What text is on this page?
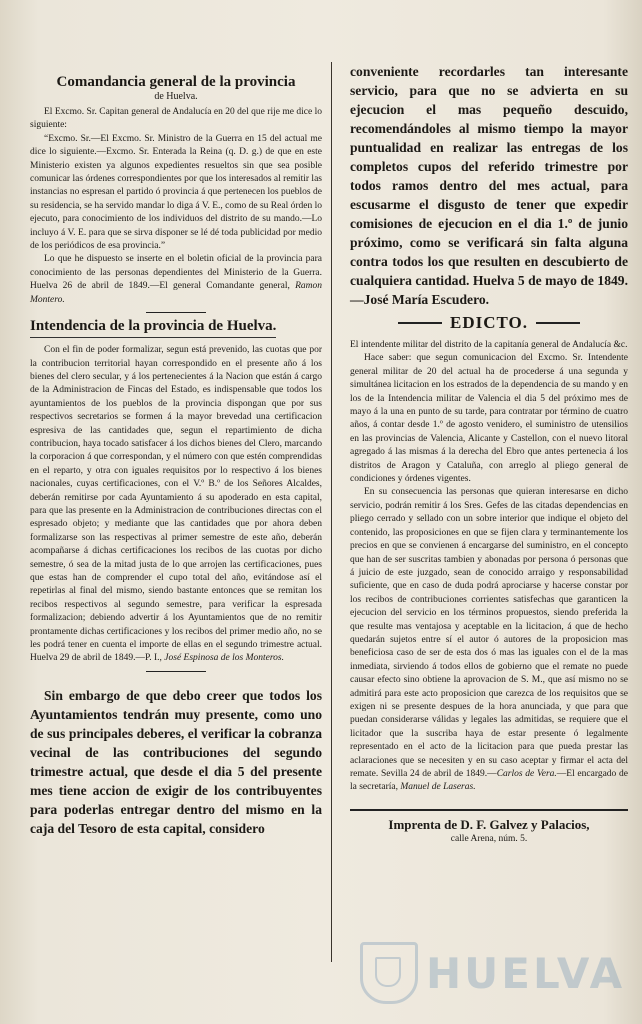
Comandancia general de la provincia
de Huelva.

El Excmo. Sr. Capitan general de Andalucía en 20 del que rije me dice lo siguiente:

“Excmo. Sr.—El Excmo. Sr. Ministro de la Guerra en 15 del actual me dice lo siguiente.—Excmo. Sr. Enterada la Reina (q. D. g.) de que en este Ministerio existen ya algunos expedientes resueltos sin que sea posible comunicar las órdenes correspondientes por que los interesados al remitir las instancias no espresan el partido ó provincia á que pertenecen los pueblos de su residencia, se ha servido mandar lo diga á V. E., como de su Real órden lo ejecuto, para conocimiento de los individuos del distrito de su mando.—Lo incluyo á V. E. para que se sirva disponer se lé dé toda publicidad por medio de los periódicos de esa provincia.”

Lo que he dispuesto se inserte en el boletin oficial de la provincia para conocimiento de las personas dependientes del Ministerio de la Guerra. Huelva 26 de abril de 1849.—El general Comandante general, Ramon Montero.

Intendencia de la provincia de Huelva.

Con el fin de poder formalizar, segun está prevenido, las cuotas que por la contribucion territorial hayan correspondido en el presente año á los bienes del clero secular, y á los pertenecientes á la Nacion que están á cargo de la Administracion de Fincas del Estado, es indispensable que todos los ayuntamientos de los pueblos de la provincia dispongan que por sus respectivos secretarios se formen á la mayor brevedad una certificacion espresiva de las cantidades que, segun el repartimiento de dicha contribucion, haya tocado satisfacer á los dichos bienes del Clero, marcando la corporacion á que correspondan, y el número con que estén comprendidas en el reparto, y otra con iguales requisitos por lo respectivo á los bienes nacionales, cuyas certificaciones, con el V.º B.º de los Señores Alcaldes, deberán remitirse por cada Ayuntamiento á su apoderado en esta capital, para que las presente en la Administracion de contribuciones directas con el espresado objeto; y mediante que las cantidades que por ahora deben formalizarse son las respectivas al primer semestre de este año, deberán acompañarse á dichas certificaciones los recibos de las cuotas por dicho semestre, ó sea de la mitad justa de lo que arrojen las certificaciones, pues que estas han de comprender el cupo total del año, evitándose así el repetirlas al final del mismo, siendo bastante entonces que se remitan los recibos respectivos al segundo semestre, para verificar la espresada formalizacion; debiendo advertir á los Ayuntamientos que de no remitir prontamente dichas certificaciones y los recibos del primer medio año, no se les podrá tener en cuenta el importe de ellas en el segundo trimestre actual. Huelva 29 de abril de 1849.—P. I., José Espinosa de los Monteros.

Sin embargo de que debo creer que todos los Ayuntamientos tendrán muy presente, como uno de sus principales deberes, el verificar la cobranza vecinal de las contribuciones del segundo trimestre actual, que desde el dia 5 del presente mes tiene accion de exigir de los contribuyentes para poderlas entregar dentro del mismo en la caja del Tesoro de esta capital, considero

conveniente recordarles tan interesante servicio, para que no se advierta en su ejecucion el mas pequeño descuido, recomendándoles al mismo tiempo la mayor puntualidad en realizar las entregas de los completos cupos del referido trimestre por todos ramos dentro del mes actual, para escusarme el disgusto de tener que expedir comisiones de ejecucion en el dia 1.º de junio próximo, como se verificará sin falta alguna contra todos los que resulten en descubierto de cualquiera cantidad. Huelva 5 de mayo de 1849.—José María Escudero.

EDICTO.

El intendente militar del distrito de la capitanía general de Andalucía &c.

Hace saber: que segun comunicacion del Excmo. Sr. Intendente general militar de 20 del actual ha de procederse á una segunda y simultánea licitacion en los estrados de la dependencia de su mando y en los de la Intendencia militar de Valencia el dia 5 del próximo mes de mayo á la una en punto de su tarde, para contratar por término de cuatro años, á contar desde 1.º de agosto venidero, el suministro de utensilios en las provincias de Valencia, Alicante y Castellon, con el nuevo litoral agregado á las mismas á la derecha del Ebro que antes pertenecia á los distritos de Aragon y Cataluña, con arreglo al pliego general de condiciones y órdenes vigentes.

En su consecuencia las personas que quieran interesarse en dicho servicio, podrán remitir á los Sres. Gefes de las citadas dependencias en pliego cerrado y sellado con un sobre interior que indique el objeto del contenido, las proposiciones en que se fijen clara y terminantemente los precios en que se convienen á encargarse del suministro, en el concepto que han de ser suscritas tambien y abonadas por persona ó personas que á juicio de este juzgado, sean de conocido arraigo y responsabilidad suficiente, que en caso de duda podrá aprociarse y hacerse constar por los recibos de contribuciones corrientes satisfechas que garanticen la ejecucion del servicio en los términos propuestos, siendo preferida la que resulte mas ventajosa y aceptable en la licitacion, á que de hecho quedarán sujetos entre sí el autor ó autores de la proposicion mas beneficiosa caso de ser de esta dos ó mas las iguales con el de la mas inmediata, sirviendo á todos ellos de gobierno que el remate no puede causar efecto sino obtiene la aprovacion de S. M., que así mismo no se admitirá para este acto proposicion que carezca de los requisitos que se exigen ni se presente despues de la hora anunciada, y que para que puedan considerarse válidas y legales las admitidas, se requiere que el licitador que la suscriba haya de estar presente ó legalmente representado en el acto de la licitacion para que pueda prestar las aclaraciones que se necesiten y en su caso aceptar y firmar el acta del remate. Sevilla 24 de abril de 1849.—Carlos de Vera.—El encargado de la secretaría, Manuel de Laseras.

Imprenta de D. F. Galvez y Palacios,

calle Arena, núm. 5.

HUELVA
